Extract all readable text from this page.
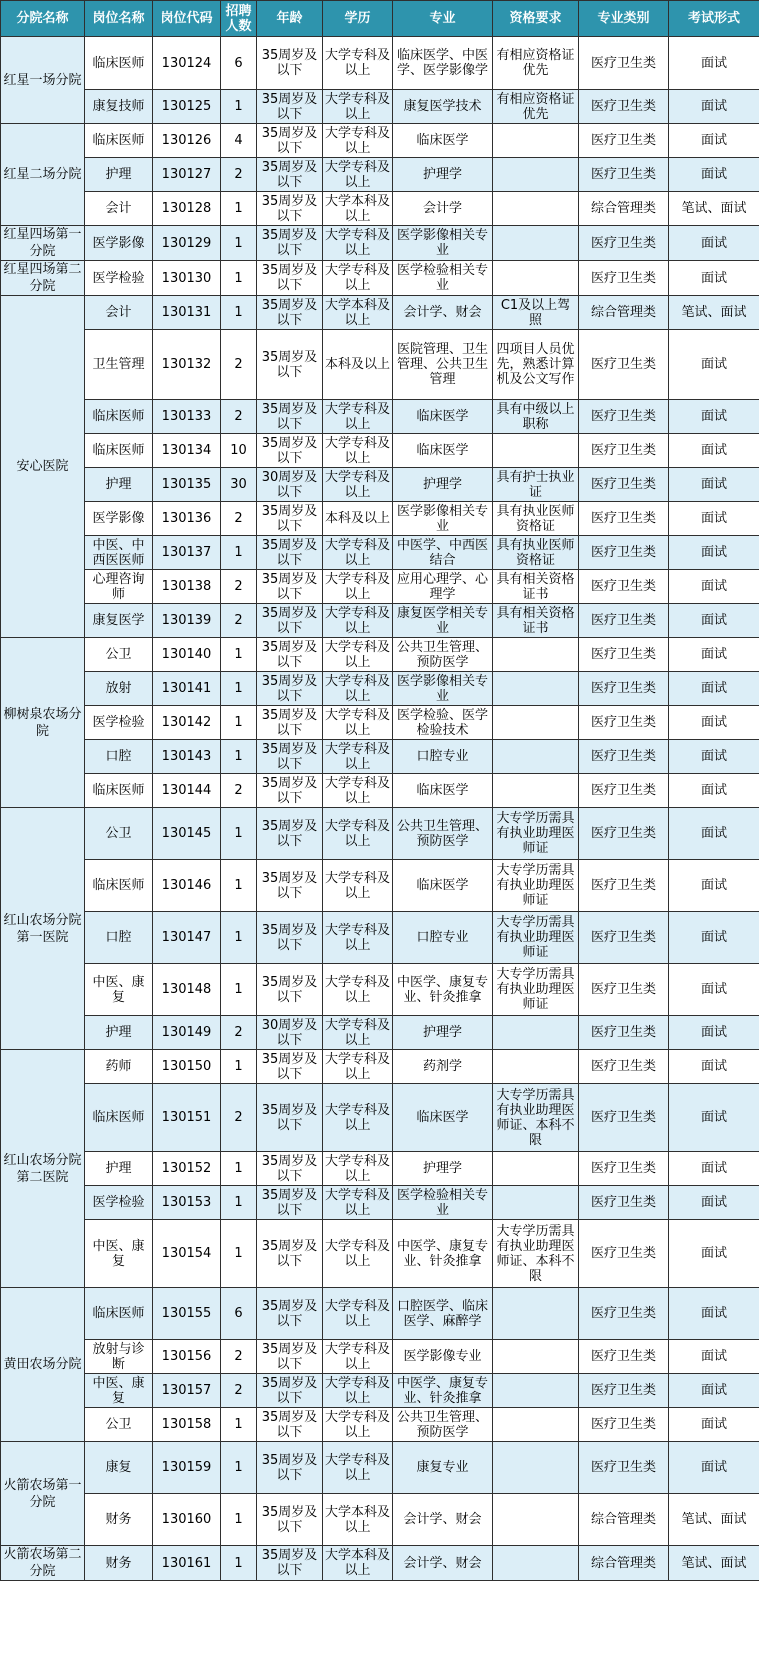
分院名称	岗位名称	岗位代码	招聘人数	年龄	学历	专业	资格要求	专业类别	考试形式
红星一场分院	临床医师	130124	6	35周岁及以下	大学专科及以上	临床医学、中医学、医学影像学	有相应资格证优先	医疗卫生类	面试
	康复技师	130125	1	35周岁及以下	大学专科及以上	康复医学技术	有相应资格证优先	医疗卫生类	面试
红星二场分院	临床医师	130126	4	35周岁及以下	大学专科及以上	临床医学		医疗卫生类	面试
	护理	130127	2	35周岁及以下	大学专科及以上	护理学		医疗卫生类	面试
	会计	130128	1	35周岁及以下	大学本科及以上	会计学		综合管理类	笔试、面试
红星四场第一分院	医学影像	130129	1	35周岁及以下	大学专科及以上	医学影像相关专业		医疗卫生类	面试
红星四场第二分院	医学检验	130130	1	35周岁及以下	大学专科及以上	医学检验相关专业		医疗卫生类	面试
安心医院	会计	130131	1	35周岁及以下	大学本科及以上	会计学、财会	C1及以上驾照	综合管理类	笔试、面试
	卫生管理	130132	2	35周岁及以下	本科及以上	医院管理、卫生管理、公共卫生管理	四项目人员优先，熟悉计算机及公文写作	医疗卫生类	面试
	临床医师	130133	2	35周岁及以下	大学专科及以上	临床医学	具有中级以上职称	医疗卫生类	面试
	临床医师	130134	10	35周岁及以下	大学专科及以上	临床医学		医疗卫生类	面试
	护理	130135	30	30周岁及以下	大学专科及以上	护理学	具有护士执业证	医疗卫生类	面试
	医学影像	130136	2	35周岁及以下	本科及以上	医学影像相关专业	具有执业医师资格证	医疗卫生类	面试
	中医、中西医医师	130137	1	35周岁及以下	大学专科及以上	中医学、中西医结合	具有执业医师资格证	医疗卫生类	面试
	心理咨询师	130138	2	35周岁及以下	大学专科及以上	应用心理学、心理学	具有相关资格证书	医疗卫生类	面试
	康复医学	130139	2	35周岁及以下	大学专科及以上	康复医学相关专业	具有相关资格证书	医疗卫生类	面试
柳树泉农场分院	公卫	130140	1	35周岁及以下	大学专科及以上	公共卫生管理、预防医学		医疗卫生类	面试
	放射	130141	1	35周岁及以下	大学专科及以上	医学影像相关专业		医疗卫生类	面试
	医学检验	130142	1	35周岁及以下	大学专科及以上	医学检验、医学检验技术		医疗卫生类	面试
	口腔	130143	1	35周岁及以下	大学专科及以上	口腔专业		医疗卫生类	面试
	临床医师	130144	2	35周岁及以下	大学专科及以上	临床医学		医疗卫生类	面试
红山农场分院第一医院	公卫	130145	1	35周岁及以下	大学专科及以上	公共卫生管理、预防医学	大专学历需具有执业助理医师证	医疗卫生类	面试
	临床医师	130146	1	35周岁及以下	大学专科及以上	临床医学	大专学历需具有执业助理医师证	医疗卫生类	面试
	口腔	130147	1	35周岁及以下	大学专科及以上	口腔专业	大专学历需具有执业助理医师证	医疗卫生类	面试
	中医、康复	130148	1	35周岁及以下	大学专科及以上	中医学、康复专业、针灸推拿	大专学历需具有执业助理医师证	医疗卫生类	面试
	护理	130149	2	30周岁及以下	大学专科及以上	护理学		医疗卫生类	面试
红山农场分院第二医院	药师	130150	1	35周岁及以下	大学专科及以上	药剂学		医疗卫生类	面试
	临床医师	130151	2	35周岁及以下	大学专科及以上	临床医学	大专学历需具有执业助理医师证、本科不限	医疗卫生类	面试
	护理	130152	1	35周岁及以下	大学专科及以上	护理学		医疗卫生类	面试
	医学检验	130153	1	35周岁及以下	大学专科及以上	医学检验相关专业		医疗卫生类	面试
	中医、康复	130154	1	35周岁及以下	大学专科及以上	中医学、康复专业、针灸推拿	大专学历需具有执业助理医师证、本科不限	医疗卫生类	面试
黄田农场分院	临床医师	130155	6	35周岁及以下	大学专科及以上	口腔医学、临床医学、麻醉学		医疗卫生类	面试
	放射与诊断	130156	2	35周岁及以下	大学专科及以上	医学影像专业		医疗卫生类	面试
	中医、康复	130157	2	35周岁及以下	大学专科及以上	中医学、康复专业、针灸推拿		医疗卫生类	面试
	公卫	130158	1	35周岁及以下	大学专科及以上	公共卫生管理、预防医学		医疗卫生类	面试
火箭农场第一分院	康复	130159	1	35周岁及以下	大学专科及以上	康复专业		医疗卫生类	面试
	财务	130160	1	35周岁及以下	大学本科及以上	会计学、财会		综合管理类	笔试、面试
火箭农场第二分院	财务	130161	1	35周岁及以下	大学本科及以上	会计学、财会		综合管理类	笔试、面试
